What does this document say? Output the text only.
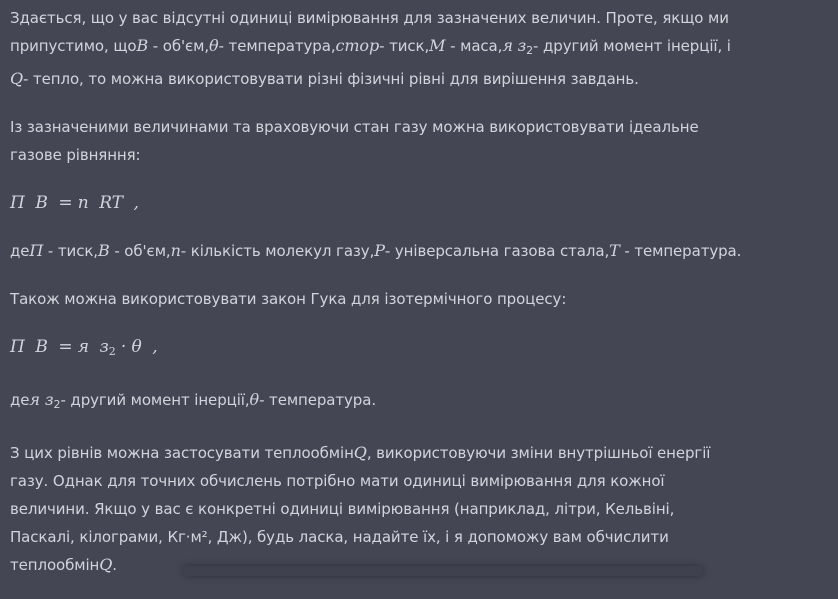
Здається, що у вас відсутні одиниці вимірювання для зазначених величин. Проте, якщо ми
припустимо, щоB - об'єм,θ- температура,стор- тиск,M - маса,я $з_2-$ другий момент інерції, і
Q- тепло, то можна використовувати різні фізичні рівні для вирішення завдань.
Із зазначеними величинами та враховуючи стан газу можна використовувати ідеальне
газове рівняння:
П  В  = n  RT  ,
деП - тиск,B - об'єм,n- кількість молекул газу,P- універсальна газова стала,T - температура.
Також можна використовувати закон Гука для ізотермічного процесу:
П  В  = я  $з_2 \cdot \theta$  ,
дея $з_2-$ другий момент інерції,θ- температура.
З цих рівнів можна застосувати теплообмінQ, використовуючи зміни внутрішньої енергії
газу. Однак для точних обчислень потрібно мати одиниці вимірювання для кожної
величини. Якщо у вас є конкретні одиниці вимірювання (наприклад, літри, Кельвіні,
Паскалі, кілограми, Кг·м², Дж), будь ласка, надайте їх, і я допоможу вам обчислити
теплообмінQ.
